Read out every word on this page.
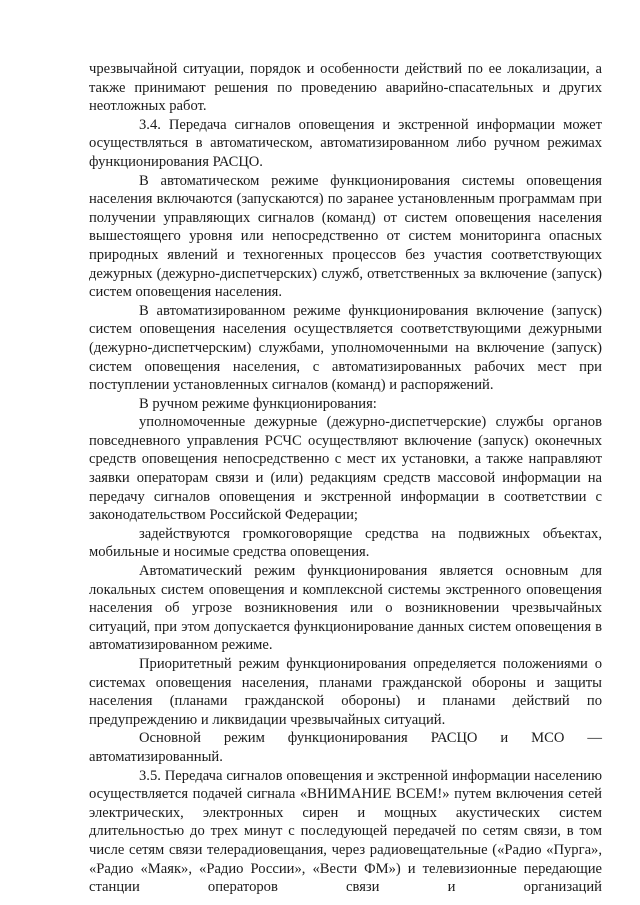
чрезвычайной ситуации, порядок и особенности действий по ее локализации, а также принимают решения по проведению аварийно-спасательных и других неотложных работ.

3.4. Передача сигналов оповещения и экстренной информации может осуществляться в автоматическом, автоматизированном либо ручном режимах функционирования РАСЦО.

В автоматическом режиме функционирования системы оповещения населения включаются (запускаются) по заранее установленным программам при получении управляющих сигналов (команд) от систем оповещения населения вышестоящего уровня или непосредственно от систем мониторинга опасных природных явлений и техногенных процессов без участия соответствующих дежурных (дежурно-диспетчерских) служб, ответственных за включение (запуск) систем оповещения населения.

В автоматизированном режиме функционирования включение (запуск) систем оповещения населения осуществляется соответствующими дежурными (дежурно-диспетчерским) службами, уполномоченными на включение (запуск) систем оповещения населения, с автоматизированных рабочих мест при поступлении установленных сигналов (команд) и распоряжений.

В ручном режиме функционирования:

уполномоченные дежурные (дежурно-диспетчерские) службы органов повседневного управления РСЧС осуществляют включение (запуск) оконечных средств оповещения непосредственно с мест их установки, а также направляют заявки операторам связи и (или) редакциям средств массовой информации на передачу сигналов оповещения и экстренной информации в соответствии с законодательством Российской Федерации;

задействуются громкоговорящие средства на подвижных объектах, мобильные и носимые средства оповещения.

Автоматический режим функционирования является основным для локальных систем оповещения и комплексной системы экстренного оповещения населения об угрозе возникновения или о возникновении чрезвычайных ситуаций, при этом допускается функционирование данных систем оповещения в автоматизированном режиме.

Приоритетный режим функционирования определяется положениями о системах оповещения населения, планами гражданской обороны и защиты населения (планами гражданской обороны) и планами действий по предупреждению и ликвидации чрезвычайных ситуаций.

Основной режим функционирования РАСЦО и МСО — автоматизированный.

3.5. Передача сигналов оповещения и экстренной информации населению осуществляется подачей сигнала «ВНИМАНИЕ ВСЕМ!» путем включения сетей электрических, электронных сирен и мощных акустических систем длительностью до трех минут с последующей передачей по сетям связи, в том числе сетям связи телерадиовещания, через радиовещательные («Радио «Пурга», «Радио «Маяк», «Радио России», «Вести ФМ») и телевизионные передающие станции операторов связи и организаций
